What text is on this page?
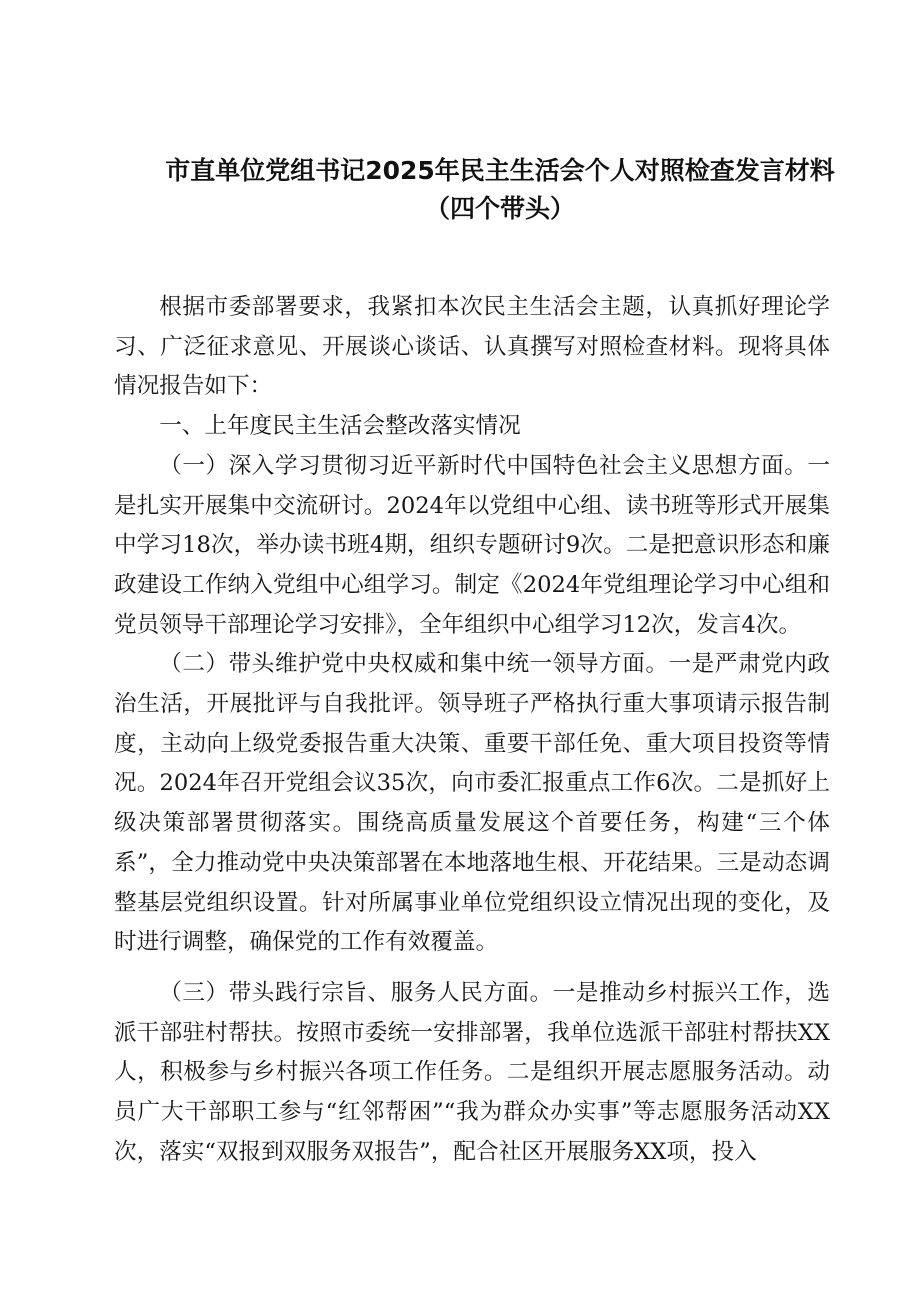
市直单位党组书记2025年民主生活会个人对照检查发言材料（四个带头）

根据市委部署要求，我紧扣本次民主生活会主题，认真抓好理论学习、广泛征求意见、开展谈心谈话、认真撰写对照检查材料。现将具体情况报告如下：

一、上年度民主生活会整改落实情况

（一）深入学习贯彻习近平新时代中国特色社会主义思想方面。一是扎实开展集中交流研讨。2024年以党组中心组、读书班等形式开展集中学习18次，举办读书班4期，组织专题研讨9次。二是把意识形态和廉政建设工作纳入党组中心组学习。制定《2024年党组理论学习中心组和党员领导干部理论学习安排》，全年组织中心组学习12次，发言4次。

（二）带头维护党中央权威和集中统一领导方面。一是严肃党内政治生活，开展批评与自我批评。领导班子严格执行重大事项请示报告制度，主动向上级党委报告重大决策、重要干部任免、重大项目投资等情况。2024年召开党组会议35次，向市委汇报重点工作6次。二是抓好上级决策部署贯彻落实。围绕高质量发展这个首要任务，构建“三个体系”，全力推动党中央决策部署在本地落地生根、开花结果。三是动态调整基层党组织设置。针对所属事业单位党组织设立情况出现的变化，及时进行调整，确保党的工作有效覆盖。

（三）带头践行宗旨、服务人民方面。一是推动乡村振兴工作，选派干部驻村帮扶。按照市委统一安排部署，我单位选派干部驻村帮扶XX人，积极参与乡村振兴各项工作任务。二是组织开展志愿服务活动。动员广大干部职工参与“红邻帮困”“我为群众办实事”等志愿服务活动XX次，落实“双报到双服务双报告”，配合社区开展服务XX项，投入
